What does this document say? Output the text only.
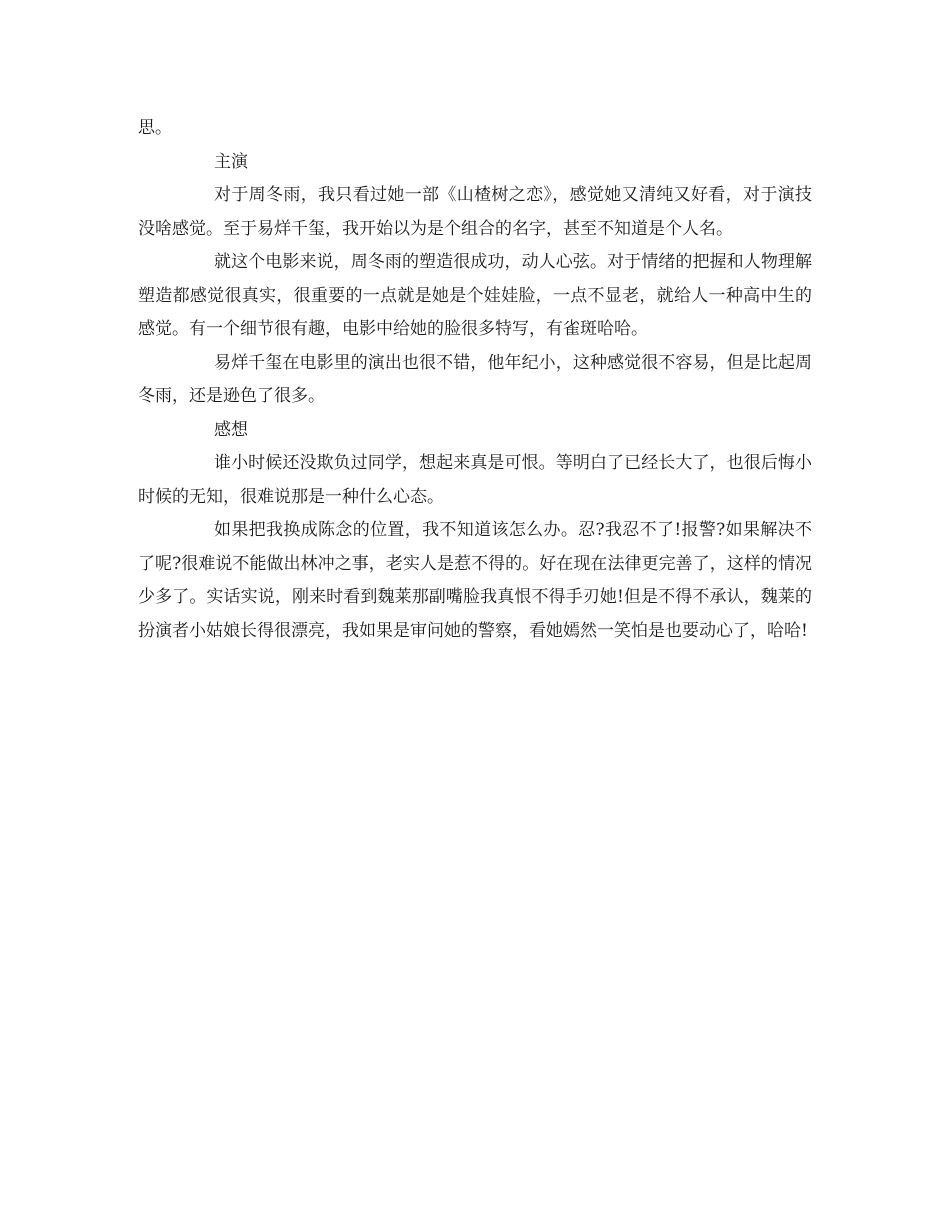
思。

主演

对于周冬雨，我只看过她一部《山楂树之恋》，感觉她又清纯又好看，对于演技没啥感觉。至于易烊千玺，我开始以为是个组合的名字，甚至不知道是个人名。

就这个电影来说，周冬雨的塑造很成功，动人心弦。对于情绪的把握和人物理解塑造都感觉很真实，很重要的一点就是她是个娃娃脸，一点不显老，就给人一种高中生的感觉。有一个细节很有趣，电影中给她的脸很多特写，有雀斑哈哈。

易烊千玺在电影里的演出也很不错，他年纪小，这种感觉很不容易，但是比起周冬雨，还是逊色了很多。

感想

谁小时候还没欺负过同学，想起来真是可恨。等明白了已经长大了，也很后悔小时候的无知，很难说那是一种什么心态。

如果把我换成陈念的位置，我不知道该怎么办。忍?我忍不了!报警?如果解决不了呢?很难说不能做出林冲之事，老实人是惹不得的。好在现在法律更完善了，这样的情况少多了。实话实说，刚来时看到魏莱那副嘴脸我真恨不得手刃她!但是不得不承认，魏莱的扮演者小姑娘长得很漂亮，我如果是审问她的警察，看她嫣然一笑怕是也要动心了，哈哈!
